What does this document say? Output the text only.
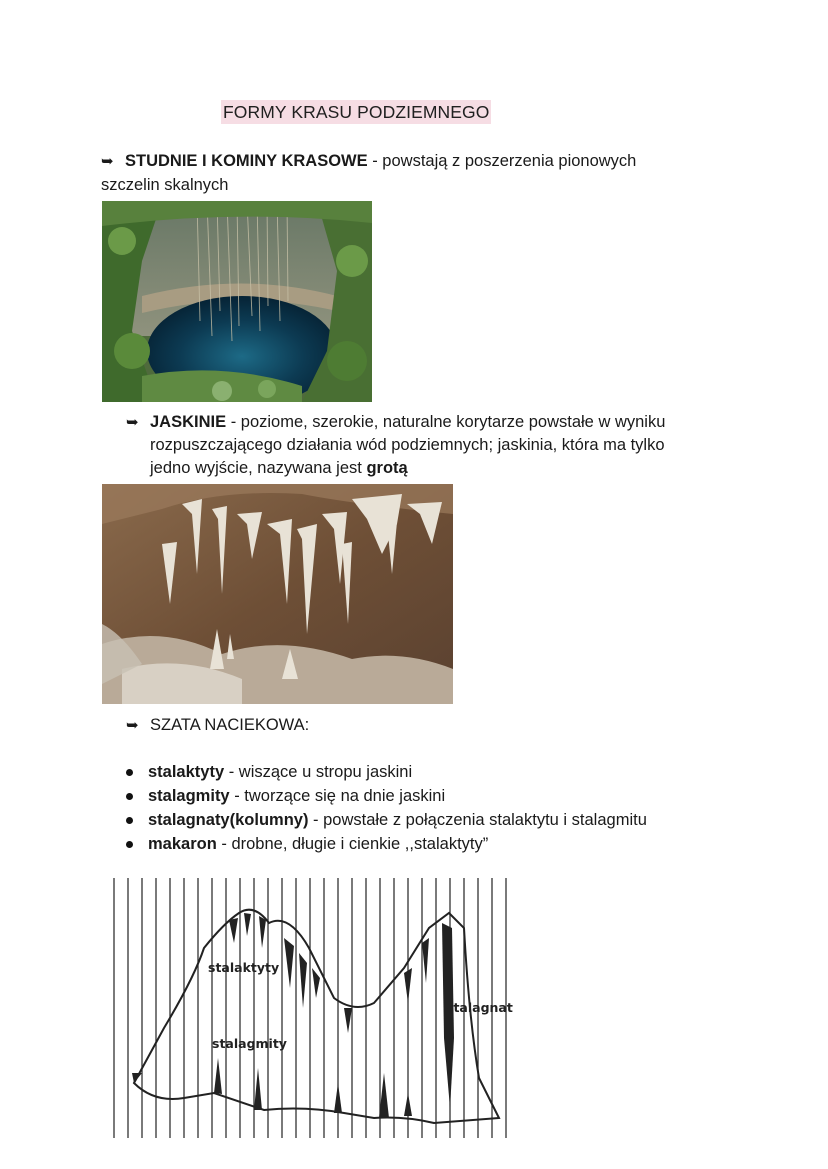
FORMY KRASU PODZIEMNEGO
➥ STUDNIE I KOMINY KRASOWE - powstają z poszerzenia pionowych
szczelin skalnych
➥ JASKINIE - poziome, szerokie, naturalne korytarze powstałe w wyniku
rozpuszczającego działania wód podziemnych; jaskinia, która ma tylko
jedno wyjście, nazywana jest grotą
➥ SZATA NACIEKOWA:
stalaktyty - wiszące u stropu jaskini
stalagmity - tworzące się na dnie jaskini
stalagnaty(kolumny) - powstałe z połączenia stalaktytu i stalagmitu
makaron - drobne, długie i cienkie ,,stalaktyty”
stalaktyty
stalagmity
stalagnat
